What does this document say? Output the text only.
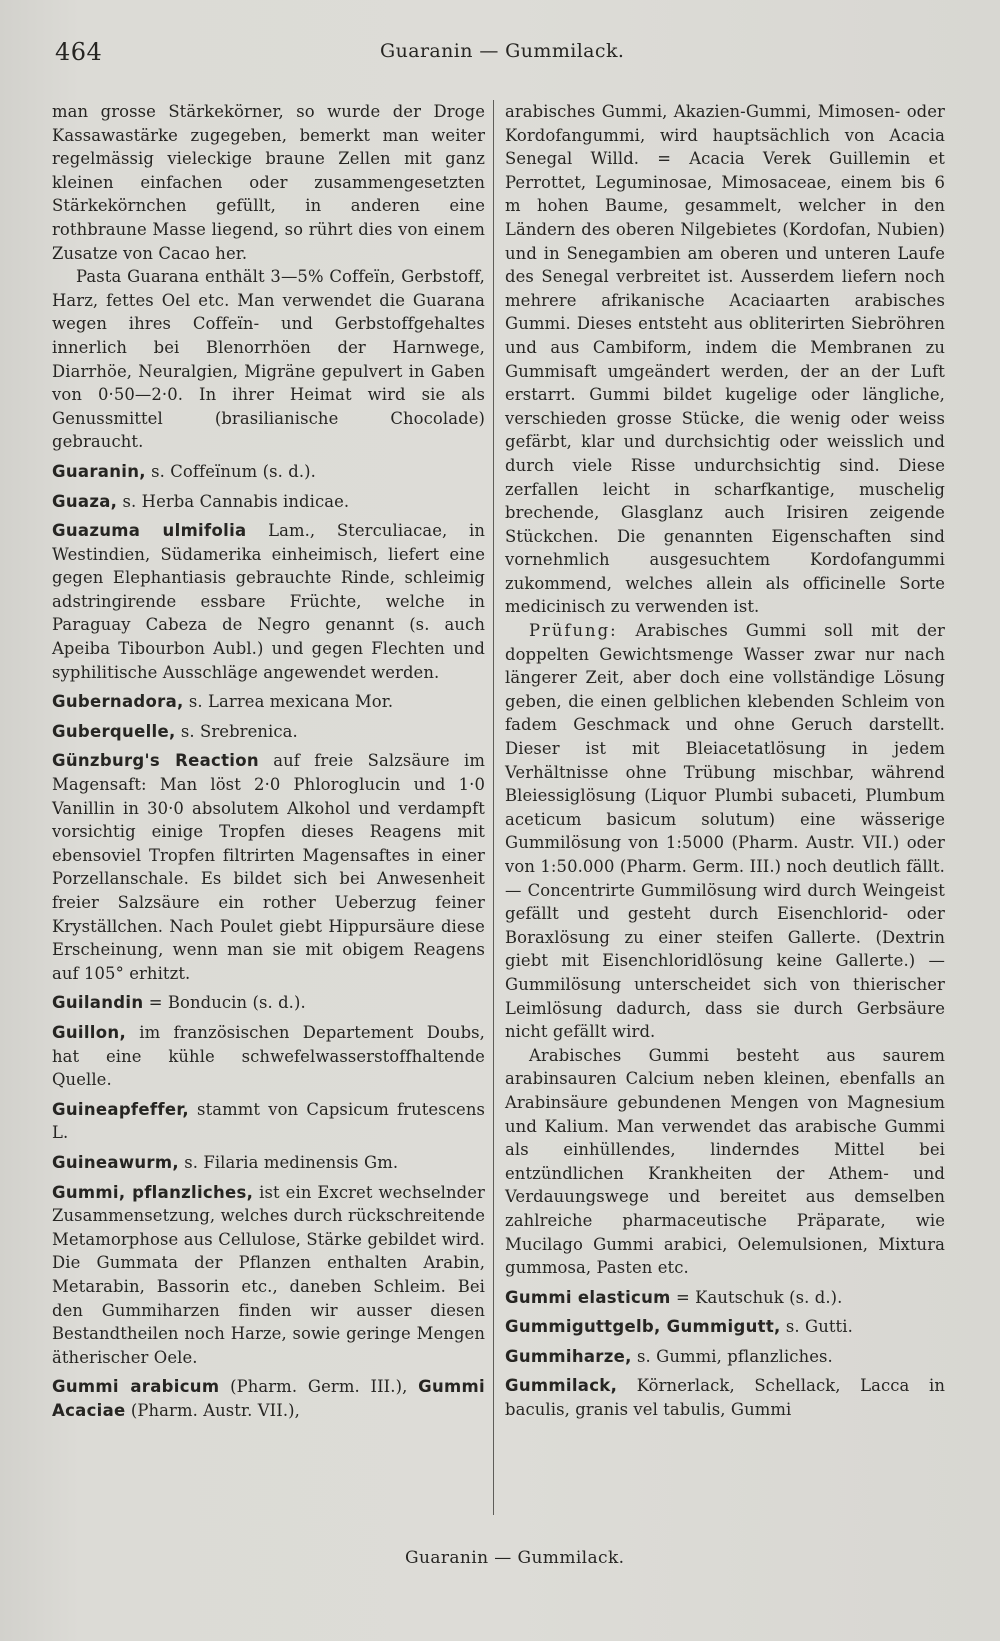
464	Guaranin — Gummilack.

man grosse Stärkekörner, so wurde der Droge Kassawastärke zugegeben, bemerkt man weiter regelmässig vieleckige braune Zellen mit ganz kleinen einfachen oder zusammengesetzten Stärkekörnchen gefüllt, in anderen eine rothbraune Masse liegend, so rührt dies von einem Zusatze von Cacao her.

Pasta Guarana enthält 3—5% Coffeïn, Gerbstoff, Harz, fettes Oel etc. Man verwendet die Guarana wegen ihres Coffeïn- und Gerbstoffgehaltes innerlich bei Blenorrhöen der Harnwege, Diarrhöe, Neuralgien, Migräne gepulvert in Gaben von 0·50—2·0. In ihrer Heimat wird sie als Genussmittel (brasilianische Chocolade) gebraucht.

Guaranin, s. Coffeïnum (s. d.).

Guaza, s. Herba Cannabis indicae.

Guazuma ulmifolia Lam., Sterculiacae, in Westindien, Südamerika einheimisch, liefert eine gegen Elephantiasis gebrauchte Rinde, schleimig adstringirende essbare Früchte, welche in Paraguay Cabeza de Negro genannt (s. auch Apeiba Tibourbon Aubl.) und gegen Flechten und syphilitische Ausschläge angewendet werden.

Gubernadora, s. Larrea mexicana Mor.

Guberquelle, s. Srebrenica.

Günzburg's Reaction auf freie Salzsäure im Magensaft: Man löst 2·0 Phloroglucin und 1·0 Vanillin in 30·0 absolutem Alkohol und verdampft vorsichtig einige Tropfen dieses Reagens mit ebensoviel Tropfen filtrirten Magensaftes in einer Porzellanschale. Es bildet sich bei Anwesenheit freier Salzsäure ein rother Ueberzug feiner Kryställchen. Nach Poulet giebt Hippursäure diese Erscheinung, wenn man sie mit obigem Reagens auf 105° erhitzt.

Guilandin = Bonducin (s. d.).

Guillon, im französischen Departement Doubs, hat eine kühle schwefelwasserstoffhaltende Quelle.

Guineapfeffer, stammt von Capsicum frutescens L.

Guineawurm, s. Filaria medinensis Gm.

Gummi, pflanzliches, ist ein Excret wechselnder Zusammensetzung, welches durch rückschreitende Metamorphose aus Cellulose, Stärke gebildet wird. Die Gummata der Pflanzen enthalten Arabin, Metarabin, Bassorin etc., daneben Schleim. Bei den Gummiharzen finden wir ausser diesen Bestandtheilen noch Harze, sowie geringe Mengen ätherischer Oele.

Gummi arabicum (Pharm. Germ. III.), Gummi Acaciae (Pharm. Austr. VII.),

arabisches Gummi, Akazien-Gummi, Mimosen- oder Kordofangummi, wird hauptsächlich von Acacia Senegal Willd. = Acacia Verek Guillemin et Perrottet, Leguminosae, Mimosaceae, einem bis 6 m hohen Baume, gesammelt, welcher in den Ländern des oberen Nilgebietes (Kordofan, Nubien) und in Senegambien am oberen und unteren Laufe des Senegal verbreitet ist. Ausserdem liefern noch mehrere afrikanische Acaciaarten arabisches Gummi. Dieses entsteht aus obliterirten Siebröhren und aus Cambiform, indem die Membranen zu Gummisaft umgeändert werden, der an der Luft erstarrt. Gummi bildet kugelige oder längliche, verschieden grosse Stücke, die wenig oder weiss gefärbt, klar und durchsichtig oder weisslich und durch viele Risse undurchsichtig sind. Diese zerfallen leicht in scharfkantige, muschelig brechende, Glasglanz auch Irisiren zeigende Stückchen. Die genannten Eigenschaften sind vornehmlich ausgesuchtem Kordofangummi zukommend, welches allein als officinelle Sorte medicinisch zu verwenden ist.

Prüfung: Arabisches Gummi soll mit der doppelten Gewichtsmenge Wasser zwar nur nach längerer Zeit, aber doch eine vollständige Lösung geben, die einen gelblichen klebenden Schleim von fadem Geschmack und ohne Geruch darstellt. Dieser ist mit Bleiacetatlösung in jedem Verhältnisse ohne Trübung mischbar, während Bleiessiglösung (Liquor Plumbi subaceti, Plumbum aceticum basicum solutum) eine wässerige Gummilösung von 1:5000 (Pharm. Austr. VII.) oder von 1:50.000 (Pharm. Germ. III.) noch deutlich fällt. — Concentrirte Gummilösung wird durch Weingeist gefällt und gesteht durch Eisenchlorid- oder Boraxlösung zu einer steifen Gallerte. (Dextrin giebt mit Eisenchloridlösung keine Gallerte.) — Gummilösung unterscheidet sich von thierischer Leimlösung dadurch, dass sie durch Gerbsäure nicht gefällt wird.

Arabisches Gummi besteht aus saurem arabinsauren Calcium neben kleinen, ebenfalls an Arabinsäure gebundenen Mengen von Magnesium und Kalium. Man verwendet das arabische Gummi als einhüllendes, linderndes Mittel bei entzündlichen Krankheiten der Athem- und Verdauungswege und bereitet aus demselben zahlreiche pharmaceutische Präparate, wie Mucilago Gummi arabici, Oelemulsionen, Mixtura gummosa, Pasten etc.

Gummi elasticum = Kautschuk (s. d.).

Gummiguttgelb, Gummigutt, s. Gutti.

Gummiharze, s. Gummi, pflanzliches.

Gummilack, Körnerlack, Schellack, Lacca in baculis, granis vel tabulis, Gummi

Guaranin — Gummilack.
